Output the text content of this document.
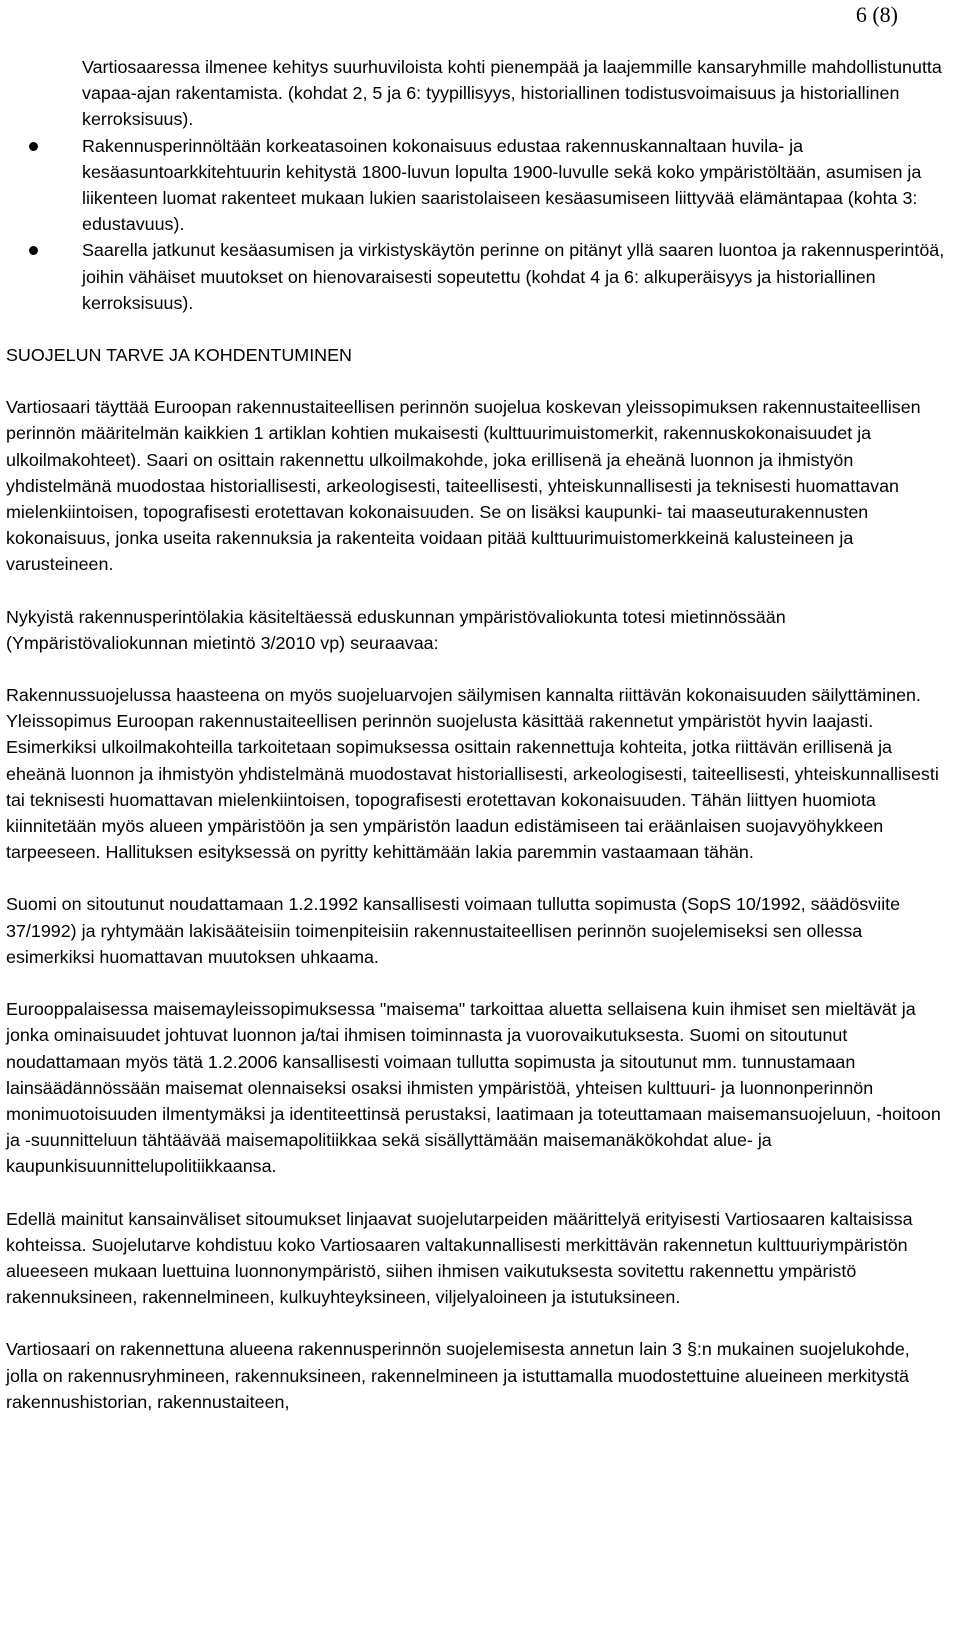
6 (8)

Vartiosaaressa ilmenee kehitys suurhuviloista kohti pienempää ja laajemmille kansaryhmille mahdollistunutta vapaa-ajan rakentamista. (kohdat 2, 5 ja 6: tyypillisyys, historiallinen todistusvoimaisuus ja historiallinen kerroksisuus).

Rakennusperinnöltään korkeatasoinen kokonaisuus edustaa rakennuskannaltaan huvila- ja kesäasuntoarkkitehtuurin kehitystä 1800-luvun lopulta 1900-luvulle sekä koko ympäristöltään, asumisen ja liikenteen luomat rakenteet mukaan lukien saaristolaiseen kesäasumiseen liittyvää elämäntapaa (kohta 3: edustavuus).
Saarella jatkunut kesäasumisen ja virkistyskäytön perinne on pitänyt yllä saaren luontoa ja rakennusperintöä, joihin vähäiset muutokset on hienovaraisesti sopeutettu (kohdat 4 ja 6: alkuperäisyys ja historiallinen kerroksisuus).

SUOJELUN TARVE JA KOHDENTUMINEN

Vartiosaari täyttää Euroopan rakennustaiteellisen perinnön suojelua koskevan yleissopimuksen rakennustaiteellisen perinnön määritelmän kaikkien 1 artiklan kohtien mukaisesti (kulttuurimuistomerkit, rakennuskokonaisuudet ja ulkoilmakohteet). Saari on osittain rakennettu ulkoilmakohde, joka erillisenä ja eheänä luonnon ja ihmistyön yhdistelmänä muodostaa historiallisesti, arkeologisesti, taiteellisesti, yhteiskunnallisesti ja teknisesti huomattavan mielenkiintoisen, topografisesti erotettavan kokonaisuuden. Se on lisäksi kaupunki- tai maaseuturakennusten kokonaisuus, jonka useita rakennuksia ja rakenteita voidaan pitää kulttuurimuistomerkkeinä kalusteineen ja varusteineen.

Nykyistä rakennusperintölakia käsiteltäessä eduskunnan ympäristövaliokunta totesi mietinnössään (Ympäristövaliokunnan mietintö 3/2010 vp) seuraavaa:

Rakennussuojelussa haasteena on myös suojeluarvojen säilymisen kannalta riittävän kokonaisuuden säilyttäminen. Yleissopimus Euroopan rakennustaiteellisen perinnön suojelusta käsittää rakennetut ympäristöt hyvin laajasti. Esimerkiksi ulkoilmakohteilla tarkoitetaan sopimuksessa osittain rakennettuja kohteita, jotka riittävän erillisenä ja eheänä luonnon ja ihmistyön yhdistelmänä muodostavat historiallisesti, arkeologisesti, taiteellisesti, yhteiskunnallisesti tai teknisesti huomattavan mielenkiintoisen, topografisesti erotettavan kokonaisuuden. Tähän liittyen huomiota kiinnitetään myös alueen ympäristöön ja sen ympäristön laadun edistämiseen tai eräänlaisen suojavyöhykkeen tarpeeseen. Hallituksen esityksessä on pyritty kehittämään lakia paremmin vastaamaan tähän.

Suomi on sitoutunut noudattamaan 1.2.1992 kansallisesti voimaan tullutta sopimusta (SopS 10/1992, säädösviite 37/1992) ja ryhtymään lakisääteisiin toimenpiteisiin rakennustaiteellisen perinnön suojelemiseksi sen ollessa esimerkiksi huomattavan muutoksen uhkaama.

Eurooppalaisessa maisemayleissopimuksessa "maisema" tarkoittaa aluetta sellaisena kuin ihmiset sen mieltävät ja jonka ominaisuudet johtuvat luonnon ja/tai ihmisen toiminnasta ja vuorovaikutuksesta. Suomi on sitoutunut noudattamaan myös tätä 1.2.2006 kansallisesti voimaan tullutta sopimusta ja sitoutunut mm. tunnustamaan lainsäädännössään maisemat olennaiseksi osaksi ihmisten ympäristöä, yhteisen kulttuuri- ja luonnonperinnön monimuotoisuuden ilmentymäksi ja identiteettinsä perustaksi, laatimaan ja toteuttamaan maisemansuojeluun, -hoitoon ja -suunnitteluun tähtäävää maisemapolitiikkaa sekä sisällyttämään maisemanäkökohdat alue- ja kaupunkisuunnittelupolitiikkaansa.

Edellä mainitut kansainväliset sitoumukset linjaavat suojelutarpeiden määrittelyä erityisesti Vartiosaaren kaltaisissa kohteissa. Suojelutarve kohdistuu koko Vartiosaaren valtakunnallisesti merkittävän rakennetun kulttuuriympäristön alueeseen mukaan luettuina luonnonympäristö, siihen ihmisen vaikutuksesta sovitettu rakennettu ympäristö rakennuksineen, rakennelmineen, kulkuyhteyksineen, viljelyaloineen ja istutuksineen.

Vartiosaari on rakennettuna alueena rakennusperinnön suojelemisesta annetun lain 3 §:n mukainen suojelukohde, jolla on rakennusryhmineen, rakennuksineen, rakennelmineen ja istuttamalla muodostettuine alueineen merkitystä rakennushistorian, rakennustaiteen,
